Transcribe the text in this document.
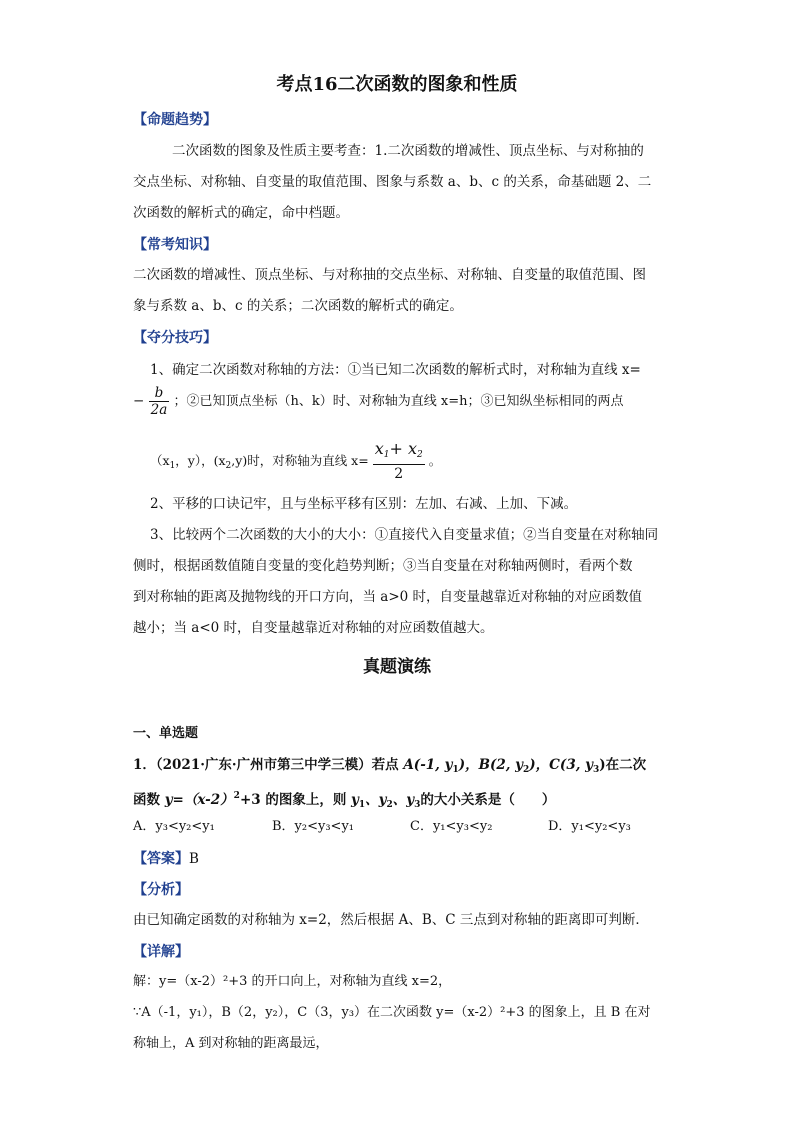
考点16二次函数的图象和性质
【命题趋势】
二次函数的图象及性质主要考查：1.二次函数的增减性、顶点坐标、与对称抽的
交点坐标、对称轴、自变量的取值范围、图象与系数 a、b、c 的关系，命基础题 2、二
次函数的解析式的确定，命中档题。
【常考知识】
二次函数的增减性、顶点坐标、与对称抽的交点坐标、对称轴、自变量的取值范围、图
象与系数 a、b、c 的关系；二次函数的解析式的确定。
【夺分技巧】
1、确定二次函数对称轴的方法：①当已知二次函数的解析式时，对称轴为直线 x=
− $\frac{b}{2a}$ ；②已知顶点坐标（h、k）时、对称轴为直线 x=h；③已知纵坐标相同的两点
（$x_1$，y），$(x_2,y)$时，对称轴为直线 $x= \frac{x_1+ x_2}{2}$ 。
2、平移的口诀记牢，且与坐标平移有区别：左加、右减、上加、下减。
3、比较两个二次函数的大小的大小：①直接代入自变量求值；②当自变量在对称轴同
侧时，根据函数值随自变量的变化趋势判断；③当自变量在对称轴两侧时，看两个数
到对称轴的距离及抛物线的开口方向，当 a>0 时，自变量越靠近对称轴的对应函数值
越小；当 a<0 时，自变量越靠近对称轴的对应函数值越大。
真题演练
一、单选题
1．（2021·广东·广州市第三中学三模）若点 A(-1, $y_1$)，B(2, $y_2$)，C(3, $y_3$)在二次
函数 $y=(x-2)^2+3$ 的图象上，则 $y_1$、$y_2$、$y_3$的大小关系是（　　）
A．y₃<y₂<y₁	B．y₂<y₃<y₁	C．y₁<y₃<y₂	D．y₁<y₂<y₃
【答案】B
【分析】
由已知确定函数的对称轴为 x=2，然后根据 A、B、C 三点到对称轴的距离即可判断．
【详解】
解：y=（x-2）²+3 的开口向上，对称轴为直线 x=2，
∵A（-1，y₁），B（2，y₂），C（3，y₃）在二次函数 y=（x-2）²+3 的图象上，且 B 在对
称轴上，A 到对称轴的距离最远，
